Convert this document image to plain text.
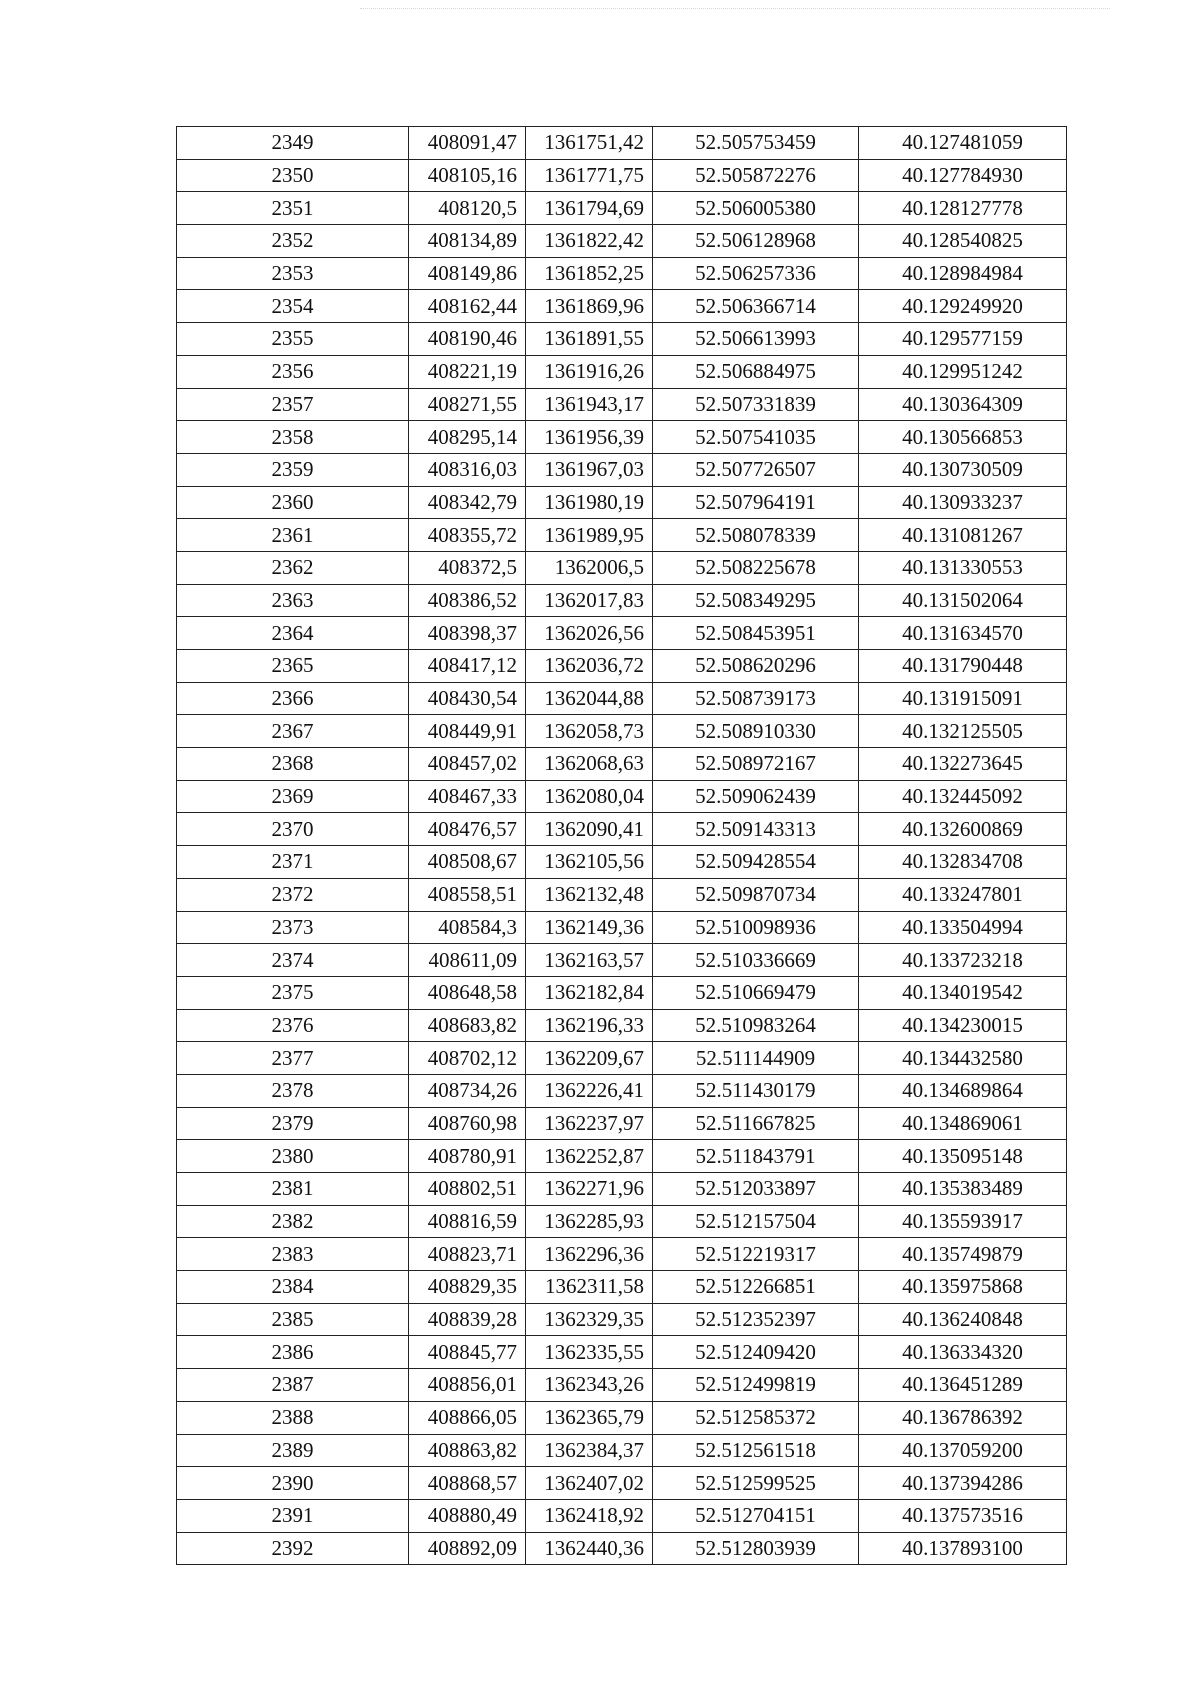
2349	408091,47	1361751,42	52.505753459	40.127481059
2350	408105,16	1361771,75	52.505872276	40.127784930
2351	408120,5	1361794,69	52.506005380	40.128127778
2352	408134,89	1361822,42	52.506128968	40.128540825
2353	408149,86	1361852,25	52.506257336	40.128984984
2354	408162,44	1361869,96	52.506366714	40.129249920
2355	408190,46	1361891,55	52.506613993	40.129577159
2356	408221,19	1361916,26	52.506884975	40.129951242
2357	408271,55	1361943,17	52.507331839	40.130364309
2358	408295,14	1361956,39	52.507541035	40.130566853
2359	408316,03	1361967,03	52.507726507	40.130730509
2360	408342,79	1361980,19	52.507964191	40.130933237
2361	408355,72	1361989,95	52.508078339	40.131081267
2362	408372,5	1362006,5	52.508225678	40.131330553
2363	408386,52	1362017,83	52.508349295	40.131502064
2364	408398,37	1362026,56	52.508453951	40.131634570
2365	408417,12	1362036,72	52.508620296	40.131790448
2366	408430,54	1362044,88	52.508739173	40.131915091
2367	408449,91	1362058,73	52.508910330	40.132125505
2368	408457,02	1362068,63	52.508972167	40.132273645
2369	408467,33	1362080,04	52.509062439	40.132445092
2370	408476,57	1362090,41	52.509143313	40.132600869
2371	408508,67	1362105,56	52.509428554	40.132834708
2372	408558,51	1362132,48	52.509870734	40.133247801
2373	408584,3	1362149,36	52.510098936	40.133504994
2374	408611,09	1362163,57	52.510336669	40.133723218
2375	408648,58	1362182,84	52.510669479	40.134019542
2376	408683,82	1362196,33	52.510983264	40.134230015
2377	408702,12	1362209,67	52.511144909	40.134432580
2378	408734,26	1362226,41	52.511430179	40.134689864
2379	408760,98	1362237,97	52.511667825	40.134869061
2380	408780,91	1362252,87	52.511843791	40.135095148
2381	408802,51	1362271,96	52.512033897	40.135383489
2382	408816,59	1362285,93	52.512157504	40.135593917
2383	408823,71	1362296,36	52.512219317	40.135749879
2384	408829,35	1362311,58	52.512266851	40.135975868
2385	408839,28	1362329,35	52.512352397	40.136240848
2386	408845,77	1362335,55	52.512409420	40.136334320
2387	408856,01	1362343,26	52.512499819	40.136451289
2388	408866,05	1362365,79	52.512585372	40.136786392
2389	408863,82	1362384,37	52.512561518	40.137059200
2390	408868,57	1362407,02	52.512599525	40.137394286
2391	408880,49	1362418,92	52.512704151	40.137573516
2392	408892,09	1362440,36	52.512803939	40.137893100
